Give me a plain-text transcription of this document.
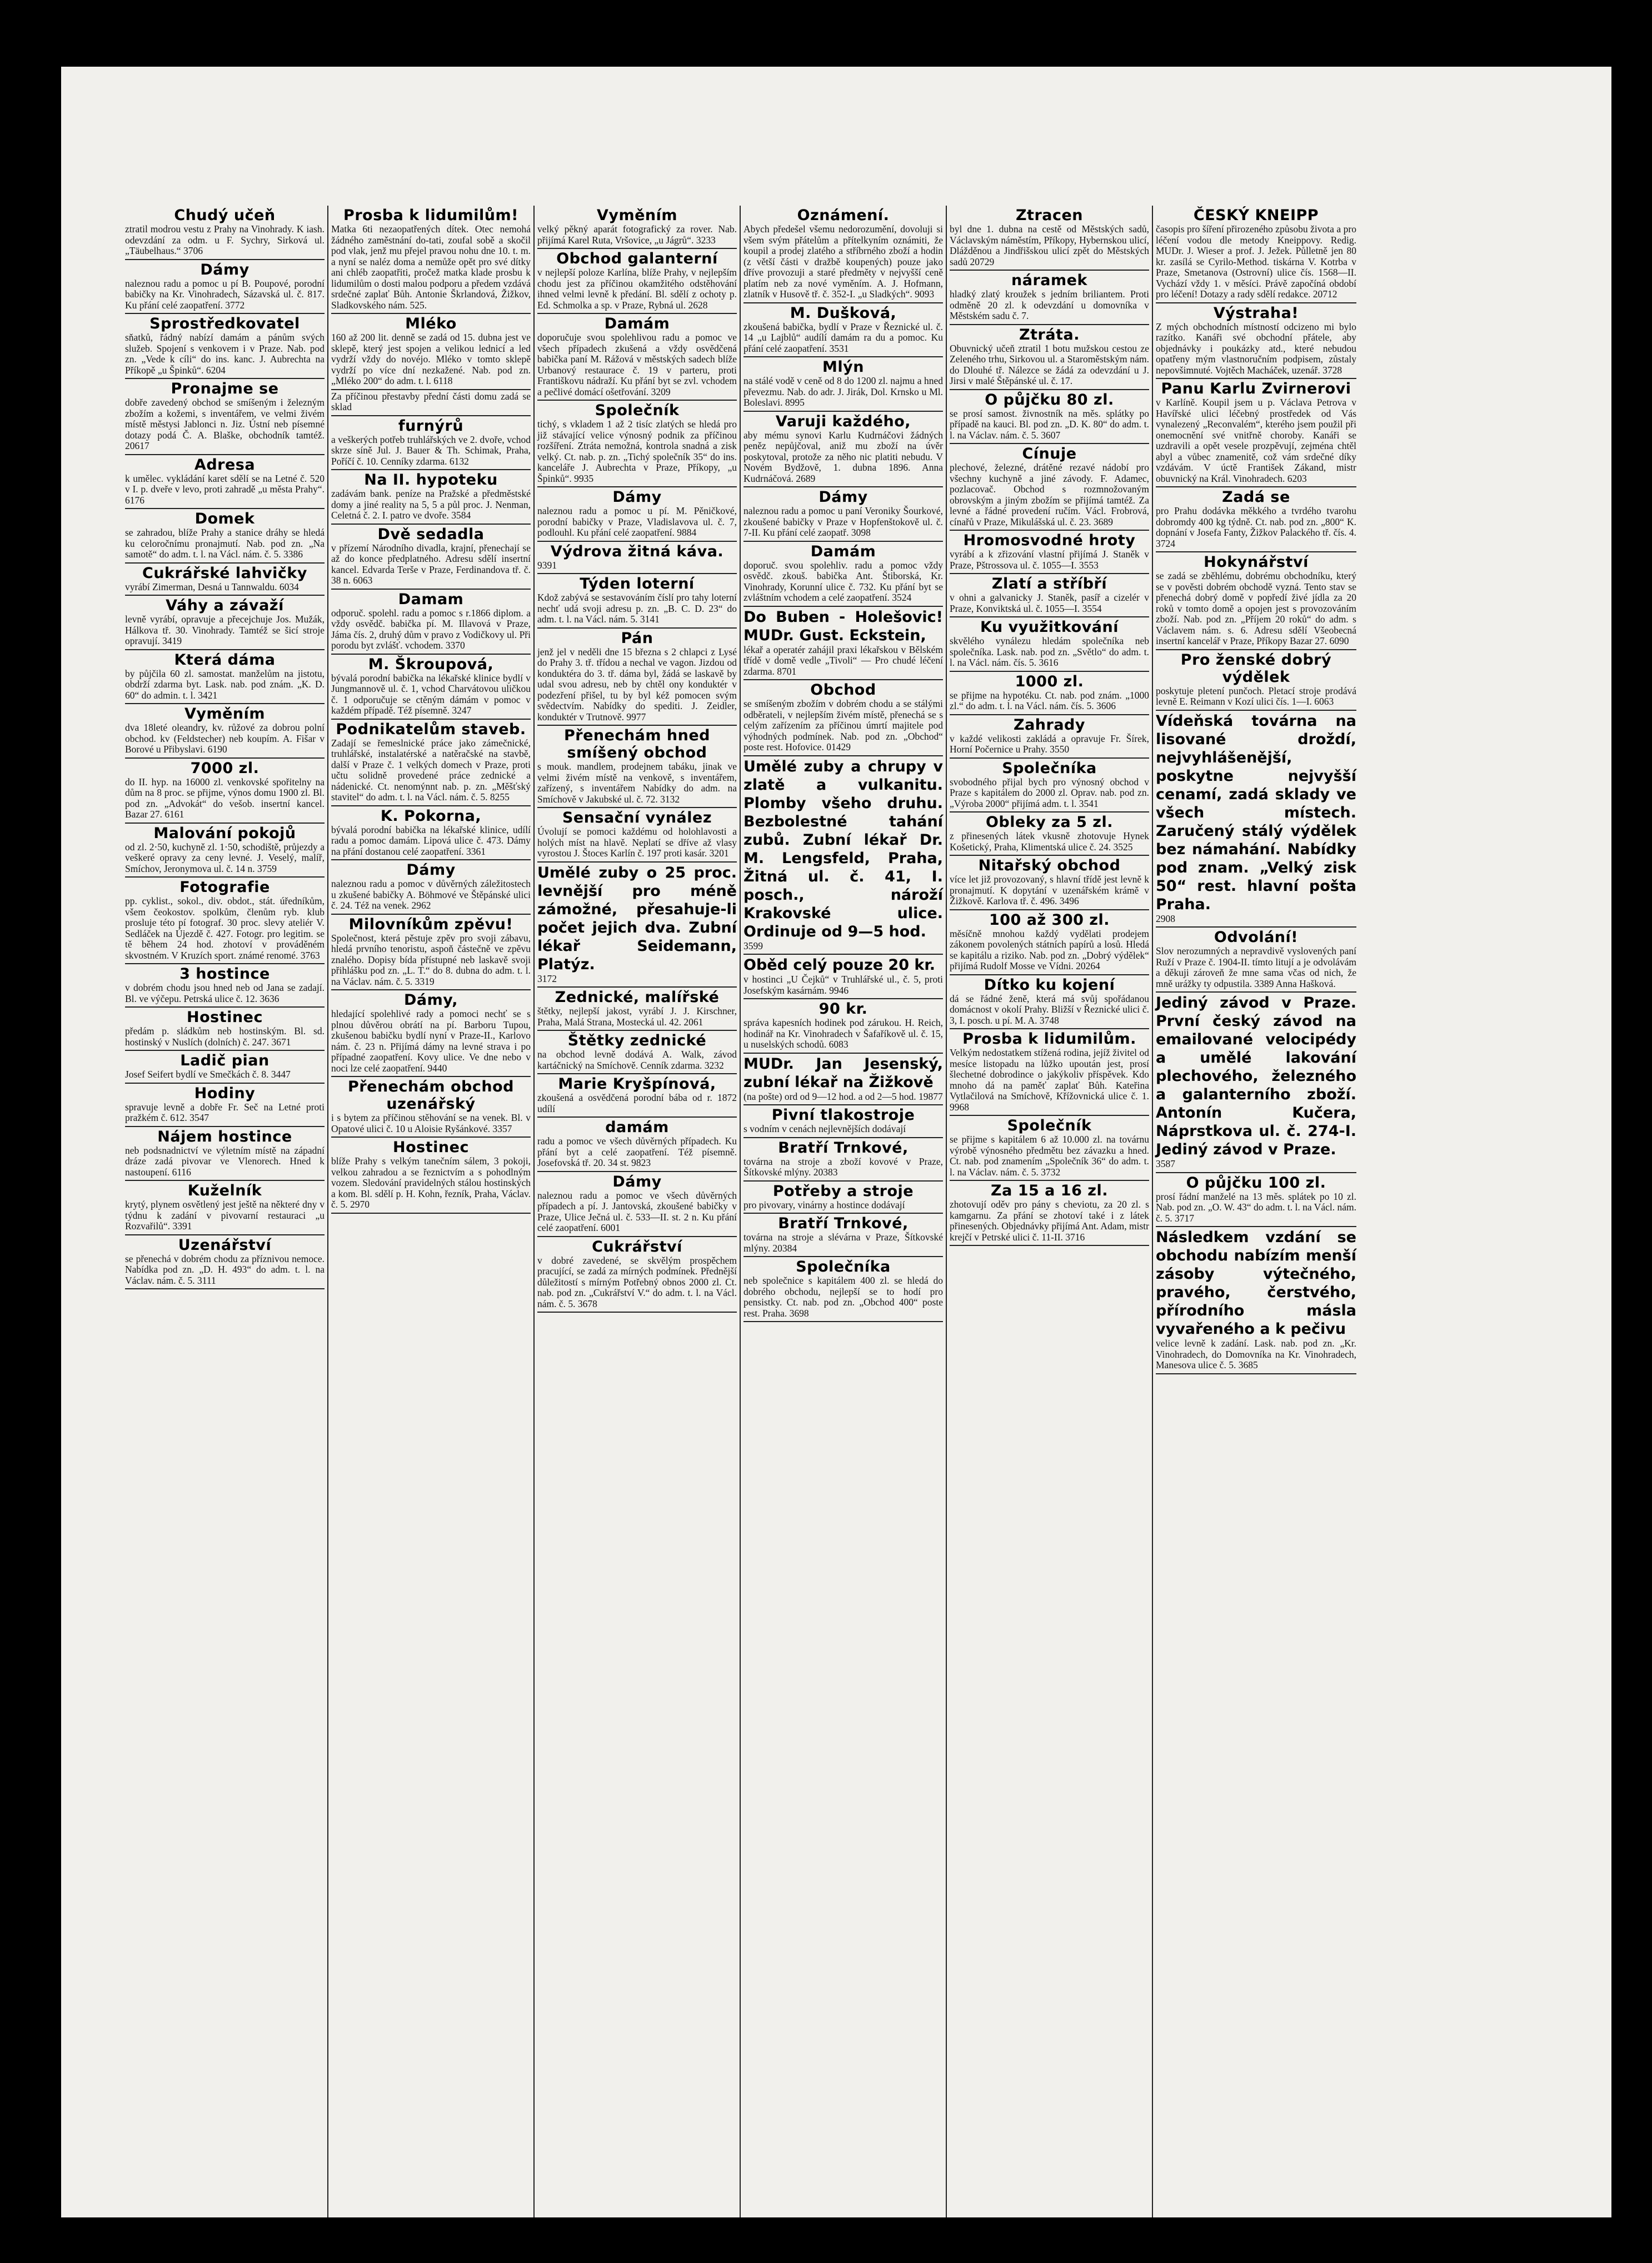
Chudý učeň
ztratil modrou vestu z Prahy na Vinohrady. K iash. odevzdání za odm. u F. Sychry, Sirková ul. „Täubelhaus.“ 3706
Dámy
naleznou radu a pomoc u pí B. Poupové, porodní babičky na Kr. Vinohradech, Sázavská ul. č. 817. Ku přání celé zaopatření. 3772
Sprostředkovatel
sňatků, řádný nabízí damám a pánům svých služeb. Spojení s venkovem i v Praze. Nab. pod zn. „Vede k cíli“ do ins. kanc. J. Aubrechta na Příkopě „u Špinků“. 6204
Pronajme se
dobře zavedený obchod se smíšeným i železným zbožím a kožemi, s inventářem, ve velmi živém místě městysi Jablonci n. Jiz. Ústní neb písemné dotazy podá Č. A. Blaške, obchodník tamtéž. 20617
Adresa
k umělec. vykládání karet sdělí se na Letné č. 520 v I. p. dveře v levo, proti zahradě „u města Prahy“. 6176
Domek
se zahradou, blíže Prahy a stanice dráhy se hledá ku celoročnímu pronajmutí. Nab. pod zn. „Na samotě“ do adm. t. l. na Václ. nám. č. 5. 3386
Cukrářské lahvičky
vyrábí Zimerman, Desná u Tannwaldu. 6034
Váhy a závaží
levně vyrábí, opravuje a přecejchuje Jos. Mužák, Hálkova tř. 30. Vinohrady. Tamtéž se šicí stroje opravují. 3419
Která dáma
by půjčila 60 zl. samostat. manželům na jistotu, obdrží zdarma byt. Lask. nab. pod znám. „K. D. 60“ do admin. t. l. 3421
Vyměním
dva 18leté oleandry, kv. růžové za dobrou polní obchod. kv (Feldstecher) neb koupím. A. Fišar v Borové u Přibyslavi. 6190
7000 zl.
do II. hyp. na 16000 zl. venkovské spořitelny na dům na 8 proc. se přijme, výnos domu 1900 zl. Bl. pod zn. „Advokát“ do vešob. insertní kancel. Bazar 27. 6161
Malování pokojů
od zl. 2·50, kuchyně zl. 1·50, schodiště, průjezdy a veškeré opravy za ceny levné. J. Veselý, malíř, Smíchov, Jeronymova ul. č. 14 n. 3759
Fotografie
pp. cyklist., sokol., div. obdot., stát. úředníkům, všem čeokostov. spolkům, členům ryb. klub prosluje této pí fotograf. 30 proc. slevy ateliér V. Sedláček na Újezdě č. 427. Fotogr. pro legitim. se tě během 24 hod. zhotoví v prováděném skvostném. V Kruzích sport. známé renomé. 3763
3 hostince
v dobrém chodu jsou hned neb od Jana se zadají. Bl. ve výčepu. Petrská ulice č. 12. 3636
Hostinec
předám p. sládkům neb hostinským. Bl. sd. hostinský v Nuslích (dolních) č. 247. 3671
Ladič pian
Josef Seifert bydlí ve Smečkách č. 8. 3447
Hodiny
spravuje levně a dobře Fr. Seč na Letné proti pražkém č. 612. 3547
Nájem hostince
neb podsnadnictví ve výletním místě na západní dráze zadá pivovar ve Vlenorech. Hned k nastoupení. 6116
Kuželník
krytý, plynem osvětlený jest ještě na některé dny v týdnu k zadání v pivovarní restauraci „u Rozvařilů“. 3391
Uzenářství
se přenechá v dobrém chodu za příznivou nemoce. Nabídka pod zn. „D. H. 493“ do adm. t. l. na Václav. nám. č. 5. 3111
Prosba k lidumilům!
Matka 6ti nezaopatřených dítek. Otec nemohá žádného zaměstnání do-tati, zoufal sobě a skočil pod vlak, jenž mu přejel pravou nohu dne 10. t. m. a nyní se naléz doma a nemůže opět pro své dítky ani chléb zaopatřiti, pročež matka klade prosbu k lidumilům o dosti malou podporu a předem vzdává srdečné zaplať Bůh. Antonie Škrlandová, Žižkov, Sladkovského nám. 525.
Mléko
160 až 200 lit. denně se zadá od 15. dubna jest ve sklepě, který jest spojen a velikou lednicí a led vydrží vždy do novéjo. Mléko v tomto sklepě vydrží po více dní nezkažené. Nab. pod zn. „Mléko 200“ do adm. t. l. 6118
Za příčinou přestavby přední části domu zadá se sklad
furnýrů
a veškerých potřeb truhlářských ve 2. dvoře, vchod skrze síně Jul. J. Bauer & Th. Schimak, Praha, Poříčí č. 10. Cenníky zdarma. 6132
Na II. hypoteku
zadávám bank. peníze na Pražské a předměstské domy a jiné reality na 5, 5 a půl proc. J. Nenman, Celetná č. 2. I. patro ve dvoře. 3584
Dvě sedadla
v přízemí Národního divadla, krajní, přenechají se až do konce předplatného. Adresu sdělí insertní kancel. Edvarda Terše v Praze, Ferdinandova tř. č. 38 n. 6063
Damam
odporuč. spolehl. radu a pomoc s r.1866 diplom. a vždy osvědč. babička pí. M. Illavová v Praze, Jáma čís. 2, druhý dům v pravo z Vodičkovy ul. Při porodu byt zvlášť. vchodem. 3370
M. Škroupová,
bývalá porodní babička na lékařské klinice bydlí v Jungmannově ul. č. 1, vchod Charvátovou uličkou č. 1 odporučuje se ctěným dámám v pomoc v každém případě. Též písemně. 3247
Podnikatelům staveb.
Zadají se řemeslnické práce jako zámečnické, truhlářské, instalatérské a natěračské na stavbě, další v Praze č. 1 velkých domech v Praze, proti učtu solidně provedené práce zednické a nádenické. Ct. nenomýnnt nab. p. zn. „Měšťský stavitel“ do adm. t. l. na Václ. nám. č. 5. 8255
K. Pokorna,
bývalá porodní babička na lékařské klinice, udílí radu a pomoc damám. Lipová ulice č. 473. Dámy na přání dostanou celé zaopatření. 3361
Dámy
naleznou radu a pomoc v důvěrných záležitostech u zkušené babičky A. Böhmové ve Štěpánské ulici č. 24. Též na venek. 2962
Milovníkům zpěvu!
Společnost, která pěstuje zpěv pro svoji zábavu, hledá prvního tenoristu, aspoň částečně ve zpěvu znalého. Dopisy bída přístupné neb laskavě svoji přihlášku pod zn. „L. T.“ do 8. dubna do adm. t. l. na Václav. nám. č. 5. 3319
Dámy,
hledající spolehlivé rady a pomoci nechť se s plnou důvěrou obrátí na pí. Barboru Tupou, zkušenou babičku bydlí nyní v Praze-II., Karlovo nám. č. 23 n. Přijímá dámy na levné strava i po případné zaopatření. Kovy ulice. Ve dne nebo v noci lze celé zaopatření. 9440
Přenechám obchod uzenářský
i s bytem za příčinou stěhování se na venek. Bl. v Opatové ulici č. 10 u Aloisie Ryšánkové. 3357
Hostinec
blíže Prahy s velkým tanečním sálem, 3 pokoji, velkou zahradou a se řeznictvím a s pohodlným vozem. Sledování pravidelných stálou hostinských a kom. Bl. sdělí p. H. Kohn, řezník, Praha, Václav. č. 5. 2970
Vyměním
velký pěkný aparát fotografický za rover. Nab. přijímá Karel Ruta, Vršovice, „u Jágrů“. 3233
Obchod galanterní
v nejlepší poloze Karlína, blíže Prahy, v nejlepším chodu jest za příčinou okamžitého odstěhování ihned velmi levně k předání. Bl. sdělí z ochoty p. Ed. Schmolka a sp. v Praze, Rybná ul. 2628
Damám
doporučuje svou spolehlivou radu a pomoc ve všech případech zkušená a vždy osvědčená babička paní M. Rážová v městských sadech blíže Urbanový restaurace č. 19 v parteru, proti Františkovu nádraží. Ku přání byt se zvl. vchodem a pečlivé domácí ošetřování. 3209
Společník
tichý, s vkladem 1 až 2 tisíc zlatých se hledá pro již stávající velice výnosný podnik za příčinou rozšíření. Ztráta nemožná, kontrola snadná a zisk velký. Ct. nab. p. zn. „Tichý společník 35“ do ins. kanceláře J. Aubrechta v Praze, Příkopy, „u Špinků“. 9935
Dámy
naleznou radu a pomoc u pí. M. Pěničkové, porodní babičky v Praze, Vladislavova ul. č. 7, podlouhl. Ku přání celé zaopatření. 9884
Výdrova žitná káva.
9391
Týden loterní
Kdož zabývá se sestavováním číslí pro tahy loterní nechť udá svoji adresu p. zn. „B. C. D. 23“ do adm. t. l. na Václ. nám. 5. 3141
Pán
jenž jel v neděli dne 15 března s 2 chlapci z Lysé do Prahy 3. tř. třídou a nechal ve vagon. Jizdou od konduktéra do 3. tř. dáma byl, žádá se laskavě by udal svou adresu, neb by chtěl ony konduktér v podezření přišel, tu by byl kéž pomocen svým svědectvím. Nabídky do spediti. J. Zeidler, konduktér v Trutnově. 9977
Přenechám hned smíšený obchod
s mouk. mandlem, prodejnem tabáku, jinak ve velmi živém místě na venkově, s inventářem, zařízený, s inventářem Nabídky do adm. na Smíchově v Jakubské ul. č. 72. 3132
Sensační vynález
Úvolují se pomoci každému od holohlavosti a holých míst na hlavě. Neplatí se dříve až vlasy vyrostou J. Štoces Karlín č. 197 proti kasár. 3201
Umělé zuby o 25 proc. levnější pro méně zámožné, přesahuje-li počet jejich dva. Zubní lékař Seidemann, Platýz.
3172
Zednické, malířské
štětky, nejlepší jakost, vyrábí J. J. Kirschner, Praha, Malá Strana, Mostecká ul. 42. 2061
Štětky zednické
na obchod levně dodává A. Walk, závod kartáčnický na Smíchově. Cenník zdarma. 3232
Marie Kryšpínová,
zkoušená a osvědčená porodní bába od r. 1872 udílí
damám
radu a pomoc ve všech důvěrných případech. Ku přání byt a celé zaopatření. Též písemně. Josefovská tř. 20. 34 st. 9823
Dámy
naleznou radu a pomoc ve všech důvěrných případech a pí. J. Jantovská, zkoušené babičky v Praze, Ulice Ječná ul. č. 533—II. st. 2 n. Ku přání celé zaopatření. 6001
Cukrářství
v dobré zavedené, se skvělým prospěchem pracující, se zadá za mírných podmínek. Přednější důležitostí s mírným Potřebný obnos 2000 zl. Ct. nab. pod zn. „Cukrářství V.“ do adm. t. l. na Václ. nám. č. 5. 3678
Oznámení.
Abych předešel všemu nedorozumění, dovoluji si všem svým přátelům a přítelkyním oznámiti, že koupil a prodej zlatého a stříbrného zboží a hodin (z větší části v dražbě koupených) pouze jako dříve provozuji a staré předměty v nejvyšší ceně platím neb za nové vyměním. A. J. Hofmann, zlatník v Husově tř. č. 352-I. „u Sladkých“. 9093
M. Dušková,
zkoušená babička, bydlí v Praze v Řeznické ul. č. 14 „u Lajblů“ audílí damám ra du a pomoc. Ku přání celé zaopatření. 3531
Mlýn
na stálé vodě v ceně od 8 do 1200 zl. najmu a hned převezmu. Nab. do adr. J. Jirák, Dol. Krnsko u Ml. Boleslavi. 8995
Varuji každého,
aby mému synovi Karlu Kudrnáčovi žádných peněz nepůjčoval, aniž mu zboží na úvěr poskytoval, protože za něho nic platiti nebudu. V Novém Bydžově, 1. dubna 1896. Anna Kudrnáčová. 2689
Dámy
naleznou radu a pomoc u paní Veroniky Šourkové, zkoušené babičky v Praze v Hopfenštokově ul. č. 7-II. Ku přání celé zaopatř. 3098
Damám
doporuč. svou spolehliv. radu a pomoc vždy osvědč. zkouš. babička Ant. Štiborská, Kr. Vinohrady, Korunní ulice č. 732. Ku přání byt se zvláštním vchodem a celé zaopatření. 3524
Do Buben - Holešovic! MUDr. Gust. Eckstein,
lékař a operatér zahájil praxi lékařskou v Bělském třídě v domě vedle „Tivoli“ — Pro chudé léčení zdarma. 8701
Obchod
se smíšeným zbožím v dobrém chodu a se stálými odběrateli, v nejlepším živém místě, přenechá se s celým zařízením za příčinou úmrtí majitele pod výhodných podmínek. Nab. pod zn. „Obchod“ poste rest. Hofovice. 01429
Umělé zuby a chrupy v zlatě a vulkanitu. Plomby všeho druhu. Bezbolestné tahání zubů. Zubní lékař Dr. M. Lengsfeld, Praha, Žitná ul. č. 41, I. posch., nároží Krakovské ulice. Ordinuje od 9—5 hod.
3599
Oběd celý pouze 20 kr.
v hostinci „U Čejků“ v Truhlářské ul., č. 5, proti Josefským kasárnám. 9946
90 kr.
správa kapesních hodinek pod zárukou. H. Reich, hodinář na Kr. Vinohradech v Šafaříkově ul. č. 15, u nuselských schodů. 6083
MUDr. Jan Jesenský, zubní lékař na Žižkově
(na pošte) ord od 9—12 hod. a od 2—5 hod. 19877
Pivní tlakostroje
s vodním v cenách nejlevnějších dodávají
Bratří Trnkové,
továrna na stroje a zboží kovové v Praze, Šítkovské mlýny. 20383
Potřeby a stroje
pro pivovary, vinárny a hostince dodávají
Bratří Trnkové,
továrna na stroje a slévárna v Praze, Šítkovské mlýny. 20384
Společníka
neb společnice s kapitálem 400 zl. se hledá do dobrého obchodu, nejlepší se to hodí pro pensistky. Ct. nab. pod zn. „Obchod 400“ poste rest. Praha. 3698
Ztracen
byl dne 1. dubna na cestě od Městských sadů, Václavským náměstím, Příkopy, Hybernskou ulicí, Dlážděnou a Jindřišskou ulicí zpět do Městských sadů 20729
náramek
hladký zlatý kroužek s jedním briliantem. Proti odměně 20 zl. k odevzdání u domovníka v Městském sadu č. 7.
Ztráta.
Obuvnický učeň ztratil 1 botu mužskou cestou ze Zeleného trhu, Sirkovou ul. a Staroměstským nám. do Dlouhé tř. Nálezce se žádá za odevzdání u J. Jirsi v malé Štěpánské ul. č. 17.
O půjčku 80 zl.
se prosí samost. živnostník na měs. splátky po případě na kauci. Bl. pod zn. „D. K. 80“ do adm. t. l. na Václav. nám. č. 5. 3607
Cínuje
plechové, železné, drátěné rezavé nádobí pro všechny kuchyně a jiné závody. F. Adamec, pozlacovač. Obchod s rozmnožovaným obrovským a jiným zbožím se přijímá tamtéž. Za levné a řádné provedení ručím. Václ. Frobrová, cínařů v Praze, Mikulášská ul. č. 23. 3689
Hromosvodné hroty
vyrábí a k zřizování vlastní přijímá J. Staněk v Praze, Pštrossova ul. č. 1055—I. 3553
Zlatí a stříbří
v ohni a galvanicky J. Staněk, pasíř a cizelér v Praze, Konviktská ul. č. 1055—I. 3554
Ku využitkování
skvělého vynálezu hledám společníka neb společníka. Lask. nab. pod zn. „Světlo“ do adm. t. l. na Václ. nám. čís. 5. 3616
1000 zl.
se přijme na hypotéku. Ct. nab. pod znám. „1000 zl.“ do adm. t. l. na Václ. nám. čís. 5. 3606
Zahrady
v každé velikosti zakládá a opravuje Fr. Šírek, Horní Počernice u Prahy. 3550
Společníka
svobodného přijal bych pro výnosný obchod v Praze s kapitálem do 2000 zl. Oprav. nab. pod zn. „Výroba 2000“ přijímá adm. t. l. 3541
Obleky za 5 zl.
z přinesených látek vkusně zhotovuje Hynek Košetický, Praha, Klimentská ulice č. 24. 3525
Nitařský obchod
více let již provozovaný, s hlavní třídě jest levně k pronajmutí. K dopytání v uzenářském krámě v Žižkově. Karlova tř. č. 496. 3496
100 až 300 zl.
měsíčně mnohou každý vydělati prodejem zákonem povolených státních papírů a losů. Hledá se kapitálu a riziko. Nab. pod zn. „Dobrý výdělek“ přijímá Rudolf Mosse ve Vídni. 20264
Dítko ku kojení
dá se řádné ženě, která má svůj spořádanou domácnost v okolí Prahy. Bližší v Řeznické ulici č. 3, I. posch. u pí. M. A. 3748
Prosba k lidumilům.
Velkým nedostatkem stížená rodina, jejíž živitel od mesíce listopadu na lůžko upoután jest, prosí šlechetné dobrodince o jakýkoliv příspěvek. Kdo mnoho dá na paměť zaplať Bůh. Kateřina Vytlačilová na Smíchově, Křížovnická ulice č. 1. 9968
Společník
se přijme s kapitálem 6 až 10.000 zl. na továrnu výrobě výnosného předmětu bez závazku a hned. Ct. nab. pod znamením „Společník 36“ do adm. t. l. na Václav. nám. č. 5. 3732
Za 15 a 16 zl.
zhotovují oděv pro pány s cheviotu, za 20 zl. s kamgarnu. Za přání se zhotoví také i z látek přinesených. Objednávky přijímá Ant. Adam, mistr krejčí v Petrské ulici č. 11-II. 3716
ČESKÝ KNEIPP
časopis pro šíření přirozeného způsobu života a pro léčení vodou dle metody Kneippovy. Redig. MUDr. J. Wieser a prof. J. Ježek. Půlletně jen 80 kr. zasílá se Cyrilo-Method. tiskárna V. Kotrba v Praze, Smetanova (Ostrovní) ulice čís. 1568—II. Vychází vždy 1. v měsíci. Právě započíná období pro léčení! Dotazy a rady sdělí redakce. 20712
Výstraha!
Z mých obchodních místností odcizeno mi bylo razítko. Kanáři své obchodní přátele, aby objednávky i poukázky atd., které nebudou opatřeny mým vlastnoručním podpisem, zůstaly nepovšimnuté. Vojtěch Macháček, uzenář. 3728
Panu Karlu Zvirnerovi
v Karlíně. Koupil jsem u p. Václava Petrova v Havířské ulici léčebný prostředek od Vás vynalezený „Reconvalém“, kterého jsem použil při onemocnění své vnitřně choroby. Kanáři se uzdravili a opět vesele prozpěvují, zejména chtěl abyl a vůbec znamenitě, což vám srdečné díky vzdávám. V úctě František Zákand, mistr obuvnický na Král. Vinohradech. 6203
Zadá se
pro Prahu dodávka měkkého a tvrdého tvarohu dobromdy 400 kg týdně. Ct. nab. pod zn. „800“ K. dopnání v Josefa Fanty, Žižkov Palackého tř. čís. 4. 3724
Hokynářství
se zadá se zběhlému, dobrému obchodníku, který se v pověsti dobrém obchodě vyzná. Tento stav se přenechá dobrý domě v popředí živé jídla za 20 roků v tomto domě a opojen jest s provozováním zboží. Nab. pod zn. „Příjem 20 roků“ do adm. s Václavem nám. s. 6. Adresu sdělí Všeobecná insertní kancelář v Praze, Příkopy Bazar 27. 6090
Pro ženské dobrý výdělek
poskytuje pletení punčoch. Pletací stroje prodává levně E. Reimann v Kozí ulici čís. 1—I. 6063
Vídeňská továrna na lisované droždí, nejvyhlášenější, poskytne nejvyšší cenamí, zadá sklady ve všech místech. Zaručený stálý výdělek bez námahání. Nabídky pod znam. „Velký zisk 50“ rest. hlavní pošta Praha.
2908
Odvolání!
Slov nerozumných a nepravdivě vyslovených paní Ruží v Praze č. 1904-II. tímto litují a je odvolávám a děkuji zároveň že mne sama včas od nich, že mně urážky ty odpustila. 3389 Anna Hašková.
Jediný závod v Praze. První český závod na emailované velocipédy a umělé lakování plechového, železného a galanterního zboží. Antonín Kučera, Náprstkova ul. č. 274-I. Jediný závod v Praze.
3587
O půjčku 100 zl.
prosí řádní manželé na 13 měs. splátek po 10 zl. Nab. pod zn. „O. W. 43“ do adm. t. l. na Václ. nám. č. 5. 3717
Následkem vzdání se obchodu nabízím menší zásoby výtečného, pravého, čerstvého, přírodního másla vyvařeného a k pečivu
velice levně k zadání. Lask. nab. pod zn. „Kr. Vinohradech, do Domovníka na Kr. Vinohradech, Manesova ulice č. 5. 3685
